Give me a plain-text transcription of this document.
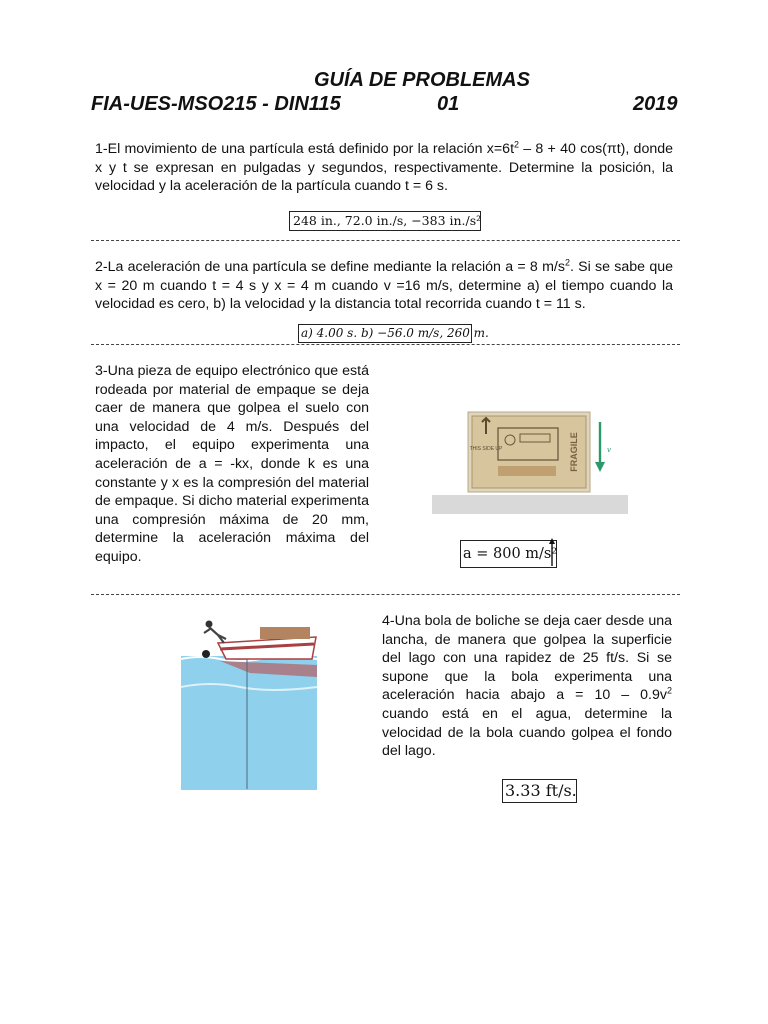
GUÍA DE PROBLEMAS
FIA-UES-MSO215 - DIN115	01	2019
1-El movimiento de una partícula está definido por la relación $x=6t^2 - 8 + 40$ cos(πt), donde x y t se expresan en pulgadas y segundos, respectivamente. Determine la posición, la velocidad y la aceleración de la partícula cuando t = 6 s.
248 in., 72.0 in./s, −383 in./s²
2-La aceleración de una partícula se define mediante la relación a = 8 $m/s^2$. Si se sabe que x = 20 m cuando t = 4 s y x = 4 m cuando v =16 m/s, determine a) el tiempo cuando la velocidad es cero, b) la velocidad y la distancia total recorrida cuando t = 11 s.
a) 4.00 s. b) −56.0 m/s, 260 m.
3-Una pieza de equipo electrónico que está rodeada por material de empaque se deja caer de manera que golpea el suelo con una velocidad de 4 m/s. Después del impacto, el equipo experimenta una aceleración de a = -kx, donde k es una constante y x es la compresión del material de empaque. Si dicho material experimenta una compresión máxima de 20 mm, determine la aceleración máxima del equipo.
THIS SIDE UP	FRAGILE	v
a = 800 m/s²
4-Una bola de boliche se deja caer desde una lancha, de manera que golpea la superficie del lago con una rapidez de 25 ft/s. Si se supone que la bola experimenta una aceleración hacia abajo $a = 10 - 0.9v^2$ cuando está en el agua, determine la velocidad de la bola cuando golpea el fondo del lago.
3.33 ft/s.
